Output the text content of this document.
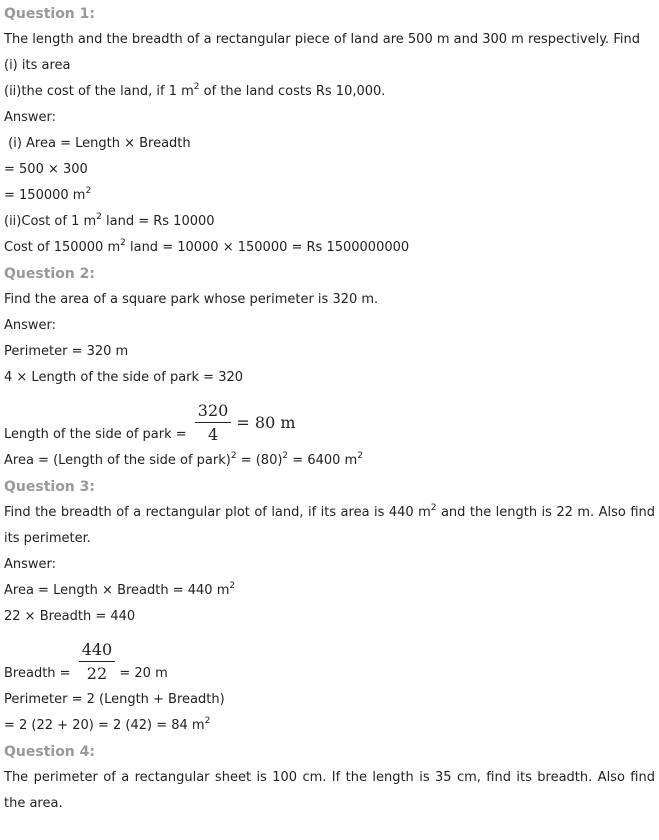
Question 1:
The length and the breadth of a rectangular piece of land are 500 m and 300 m respectively. Find
(i) its area
(ii)the cost of the land, if 1 $m^2$ of the land costs Rs 10,000.
Answer:
(i) Area = Length × Breadth
= 500 × 300
= 150000 $m^2$
(ii)Cost of 1 $m^2$ land = Rs 10000
Cost of 150000 $m^2$ land = 10000 × 150000 = Rs 1500000000
Question 2:
Find the area of a square park whose perimeter is 320 m.
Answer:
Perimeter = 320 m
4 × Length of the side of park = 320
Length of the side of park = $\frac{320}{4} = 80$ m
Area = (Length of the side of park)$^2$ = $(80)^2 = 6400$ $m^2$
Question 3:
Find the breadth of a rectangular plot of land, if its area is 440 $m^2$ and the length is 22 m. Also find its perimeter.
Answer:
Area = Length × Breadth = 440 $m^2$
22 × Breadth = 440
Breadth = $\frac{440}{22} = 20$ m
Perimeter = 2 (Length + Breadth)
= 2 (22 + 20) = 2 (42) = 84 $m^2$
Question 4:
The perimeter of a rectangular sheet is 100 cm. If the length is 35 cm, find its breadth. Also find the area.
